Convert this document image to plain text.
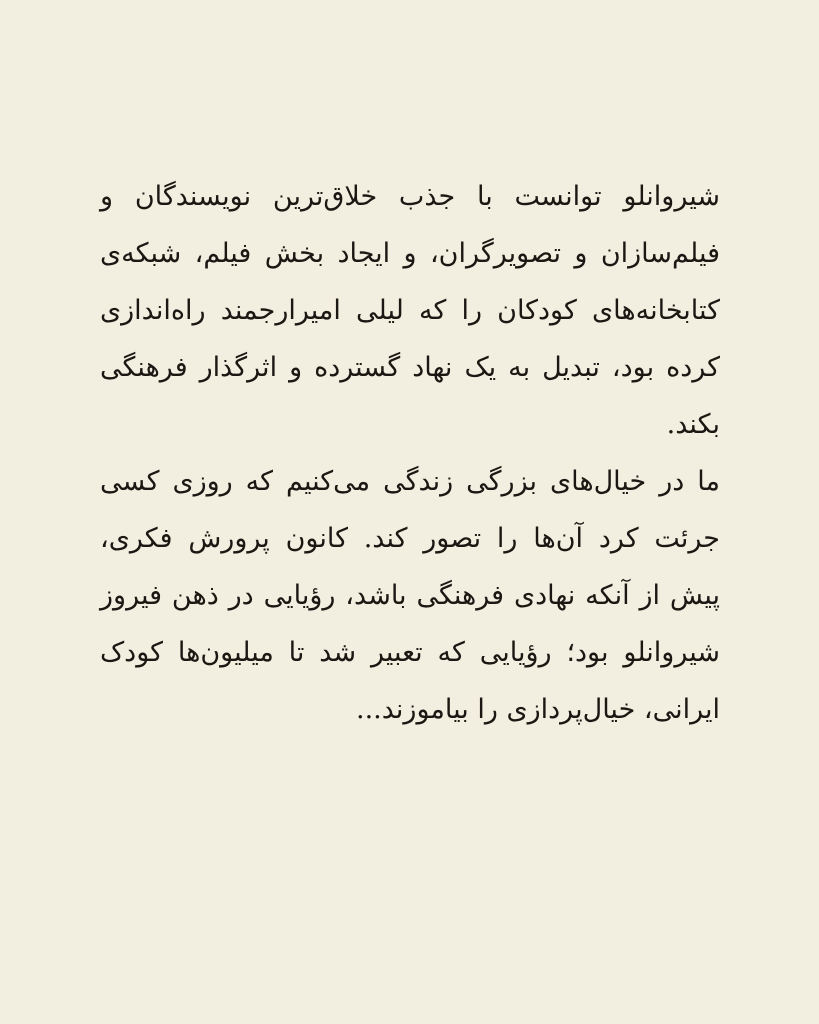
شیروانلو توانست با جذب خلاق‌ترین نویسندگان و فیلم‌سازان و تصویرگران، و ایجاد بخش فیلم، شبکه‌ی کتابخانه‌های کودکان را که لیلی امیرارجمند راه‌اندازی کرده بود، تبدیل به یک نهاد گسترده و اثرگذار فرهنگی بکند.

ما در خیال‌های بزرگی زندگی می‌کنیم که روزی کسی جرئت کرد آن‌ها را تصور کند. کانون پرورش فکری، پیش از آنکه نهادی فرهنگی باشد، رؤیایی در ذهن فیروز شیروانلو بود؛ رؤیایی که تعبیر شد تا میلیون‌ها کودک ایرانی، خیال‌پردازی را بیاموزند...
